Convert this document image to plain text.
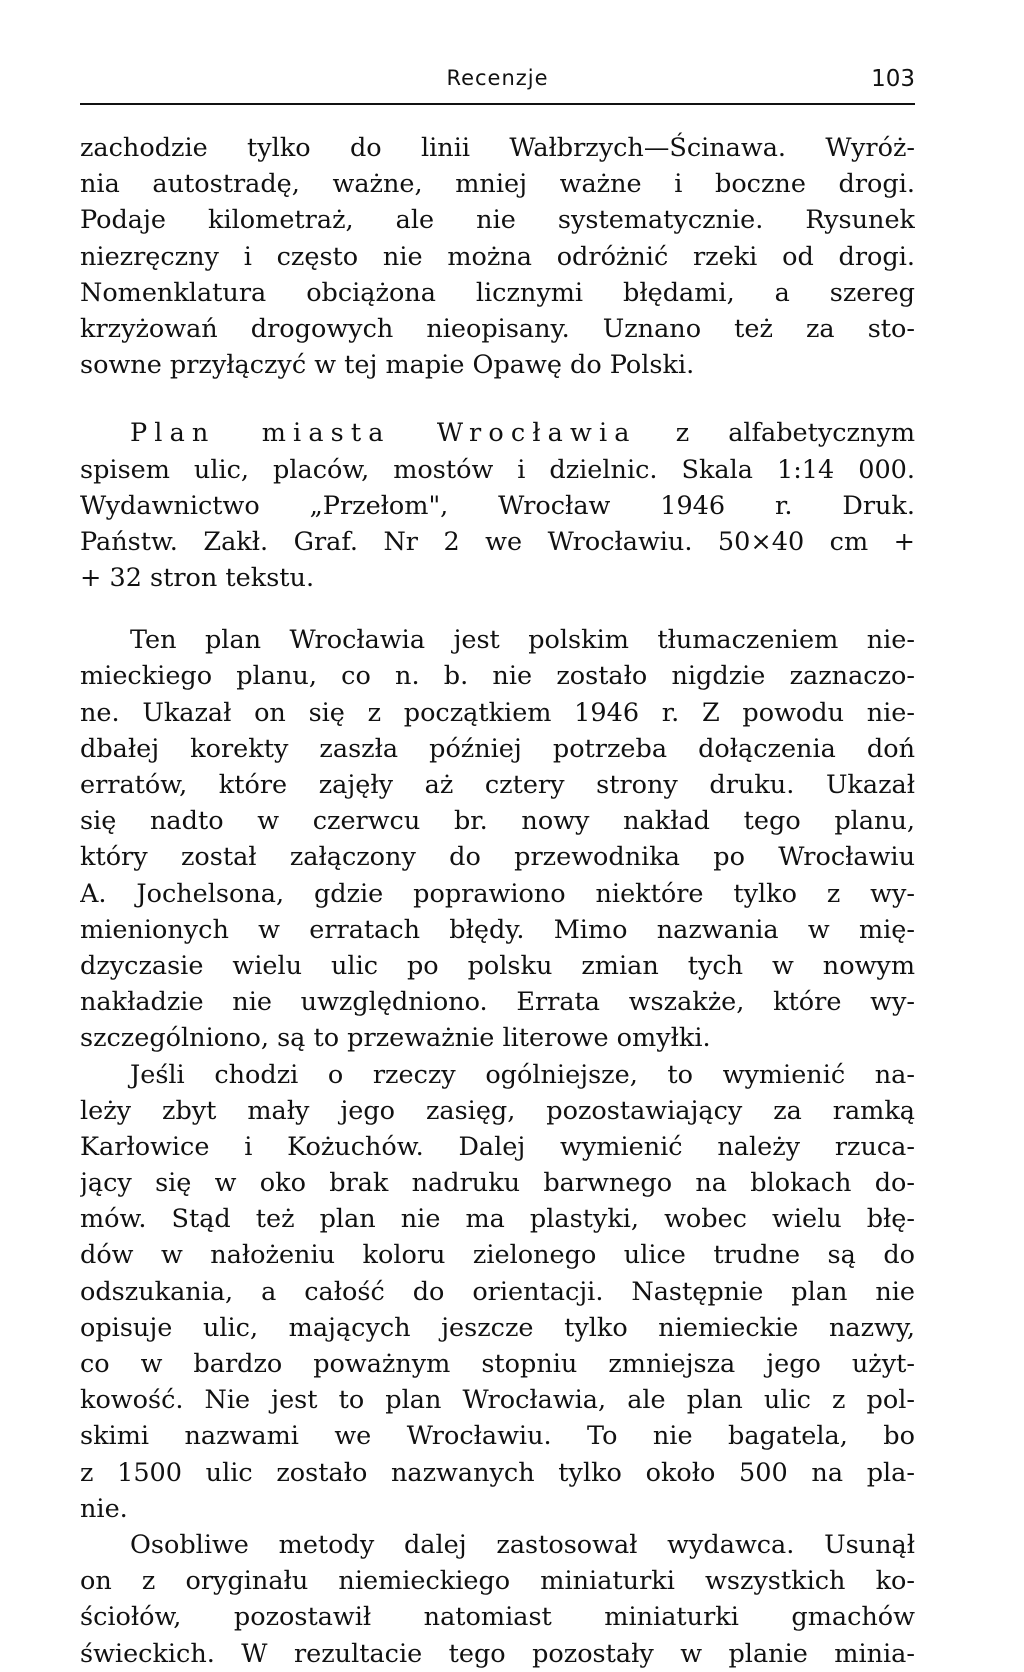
Recenzje	103
zachodzie tylko do linii Wałbrzych—Ścinawa. Wyróż-
nia autostradę, ważne, mniej ważne i boczne drogi.
Podaje kilometraż, ale nie systematycznie. Rysunek
niezręczny i często nie można odróżnić rzeki od drogi.
Nomenklatura obciążona licznymi błędami, a szereg
krzyżowań drogowych nieopisany. Uznano też za sto-
sowne przyłączyć w tej mapie Opawę do Polski.
Plan miasta Wrocławia z alfabetycznym
spisem ulic, placów, mostów i dzielnic. Skala 1:14 000.
Wydawnictwo „Przełom", Wrocław 1946 r. Druk.
Państw. Zakł. Graf. Nr 2 we Wrocławiu. 50×40 cm +
+ 32 stron tekstu.
Ten plan Wrocławia jest polskim tłumaczeniem nie-
mieckiego planu, co n. b. nie zostało nigdzie zaznaczo-
ne. Ukazał on się z początkiem 1946 r. Z powodu nie-
dbałej korekty zaszła później potrzeba dołączenia doń
erratów, które zajęły aż cztery strony druku. Ukazał
się nadto w czerwcu br. nowy nakład tego planu,
który został załączony do przewodnika po Wrocławiu
A. Jochelsona, gdzie poprawiono niektóre tylko z wy-
mienionych w erratach błędy. Mimo nazwania w mię-
dzyczasie wielu ulic po polsku zmian tych w nowym
nakładzie nie uwzględniono. Errata wszakże, które wy-
szczególniono, są to przeważnie literowe omyłki.
Jeśli chodzi o rzeczy ogólniejsze, to wymienić na-
leży zbyt mały jego zasięg, pozostawiający za ramką
Karłowice i Kożuchów. Dalej wymienić należy rzuca-
jący się w oko brak nadruku barwnego na blokach do-
mów. Stąd też plan nie ma plastyki, wobec wielu błę-
dów w nałożeniu koloru zielonego ulice trudne są do
odszukania, a całość do orientacji. Następnie plan nie
opisuje ulic, mających jeszcze tylko niemieckie nazwy,
co w bardzo poważnym stopniu zmniejsza jego użyt-
kowość. Nie jest to plan Wrocławia, ale plan ulic z pol-
skimi nazwami we Wrocławiu. To nie bagatela, bo
z 1500 ulic zostało nazwanych tylko około 500 na pla-
nie.
Osobliwe metody dalej zastosował wydawca. Usunął
on z oryginału niemieckiego miniaturki wszystkich ko-
ściołów, pozostawił natomiast miniaturki gmachów
świeckich. W rezultacie tego pozostały w planie minia-
